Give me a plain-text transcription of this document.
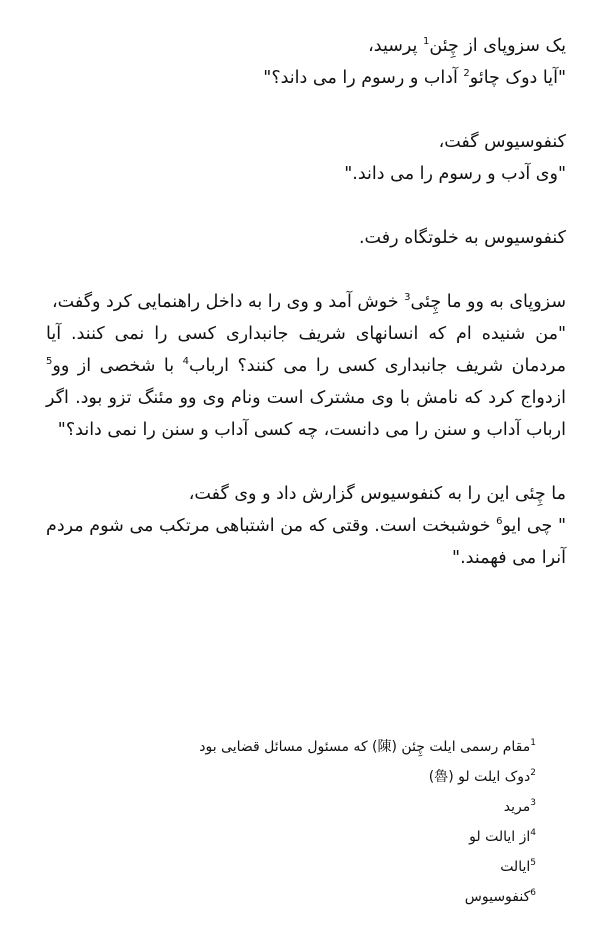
یک سزوپای از چِئن$^1$ پرسید،
"آیا دوک چائو$^2$ آداب و رسوم را می داند؟"
کنفوسیوس گفت،
"وی آدب و رسوم را می داند."
کنفوسیوس به خلوتگاه رفت.

سزوپای به وو ما چِئی$^3$ خوش آمد و وی را به داخل راهنمایی کرد وگفت،

"من شنیده ام که انسانهای شریف جانبداری کسی را نمی کنند. آیا مردمان شریف جانبداری کسی را می کنند؟ ارباب$^4$ با شخصی از وو$^5$ ازدواج کرد که نامش با وی مشترک است ونام وی وو مئنگ تزو بود. اگر ارباب آداب و سنن را می دانست، چه کسی آداب و سنن را نمی داند؟"

ما چِئی این را به کنفوسیوس گزارش داد و وی گفت،

" چی ایو$^6$ خوشبخت است. وقتی که من اشتباهی مرتکب می شوم مردم آنرا می فهمند."

$^1$مقام رسمی ایلت چِئن (陳) که مسئول مسائل قضایی بود
$^2$دوک ایلت لو (魯)
$^3$مرید
$^4$از ایالت لو
$^5$ایالت
$^6$کنفوسیوس
